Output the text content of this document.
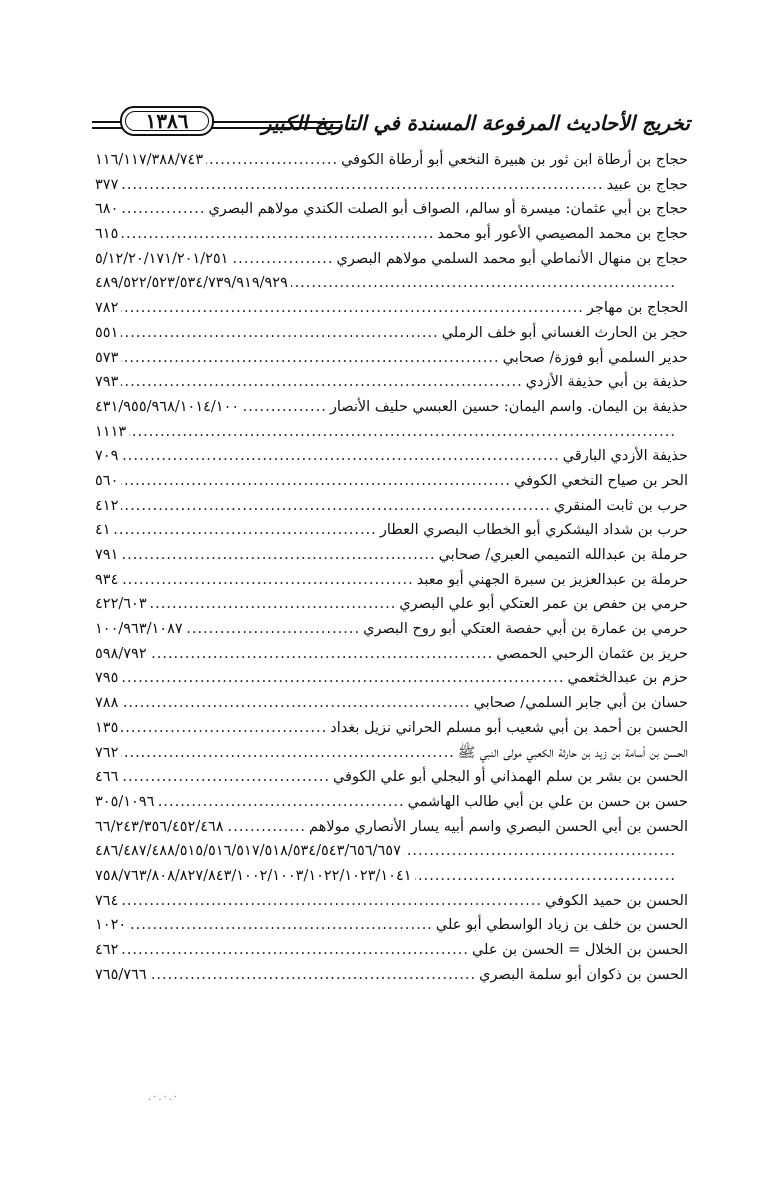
تخريج الأحاديث المرفوعة المسندة في التاريخ الكبير
١٣٨٦
حجاج بن أرطاة ابن ثور بن هبيرة النخعي أبو أرطاة الكوفي
.....
١١٦/١١٧/٣٨٨/٧٤٣
حجاج بن عبيد
.....
٣٧٧
حجاج بن أبي عثمان: ميسرة أو سالم، الصواف أبو الصلت الكندي مولاهم البصري
.....
٦٨٠
حجاج بن محمد المصيصي الأعور أبو محمد
.....
٦١٥
حجاج بن منهال الأنماطي أبو محمد السلمي مولاهم البصري
.....
٥/١٢/٢٠/١٧١/٢٠١/٢٥١
.....
٤٨٩/٥٢٢/٥٢٣/٥٣٤/٧٣٩/٩١٩/٩٢٩
الحجاج بن مهاجر
.....
٧٨٢
حجر بن الحارث الغساني أبو خلف الرملي
.....
٥٥١
حدير السلمي أبو فوزة/ صحابي
.....
٥٧٣
حذيفة بن أبي حذيفة الأزدي
.....
٧٩٣
حذيفة بن اليمان. واسم اليمان: حسين العبسي حليف الأنصار
.....
٤٣١/٩٥٥/٩٦٨/١٠١٤/١٠٠
.....
١١١٣
حذيفة الأزدي البارقي
.....
٧٠٩
الحر بن صياح النخعي الكوفي
.....
٥٦٠
حرب بن ثابت المنقري
.....
٤١٢
حرب بن شداد اليشكري أبو الخطاب البصري العطار
.....
٤١
حرملة بن عبدالله التميمي العبري/ صحابي
.....
٧٩١
حرملة بن عبدالعزيز بن سبرة الجهني أبو معبد
.....
٩٣٤
حرمي بن حفص بن عمر العتكي أبو علي البصري
.....
٤٢٢/٦٠٣
حرمي بن عمارة بن أبي حفصة العتكي أبو روح البصري
.....
١٠٠/٩٦٣/١٠٨٧
حريز بن عثمان الرحبي الحمصي
.....
٥٩٨/٧٩٢
حزم بن عبدالخثعمي
.....
٧٩٥
حسان بن أبي جابر السلمي/ صحابي
.....
٧٨٨
الحسن بن أحمد بن أبي شعيب أبو مسلم الحراني نزيل بغداد
.....
١٣٥
الحسن بن أسامة بن زيد بن حارثة الكعبي مولى النبي ﷺ
.....
٧٦٢
الحسن بن بشر بن سلم الهمذاني أو البجلي أبو علي الكوفي
.....
٤٦٦
حسن بن حسن بن علي بن أبي طالب الهاشمي
.....
٣٠٥/١٠٩٦
الحسن بن أبي الحسن البصري واسم أبيه يسار الأنصاري مولاهم
.....
٦٦/٢٤٣/٣٥٦/٤٥٢/٤٦٨
.....
٤٨٦/٤٨٧/٤٨٨/٥١٥/٥١٦/٥١٧/٥١٨/٥٣٤/٥٤٣/٦٥٦/٦٥٧
.....
٧٥٨/٧٦٣/٨٠٨/٨٢٧/٨٤٣/١٠٠٢/١٠٠٣/١٠٢٢/١٠٢٣/١٠٤١
الحسن بن حميد الكوفي
.....
٧٦٤
الحسن بن خلف بن زياد الواسطي أبو علي
.....
١٠٢٠
الحسن بن الخلال = الحسن بن علي
.....
٤٦٢
الحسن بن ذكوان أبو سلمة البصري
.....
٧٦٥/٧٦٦
·.·.·.
